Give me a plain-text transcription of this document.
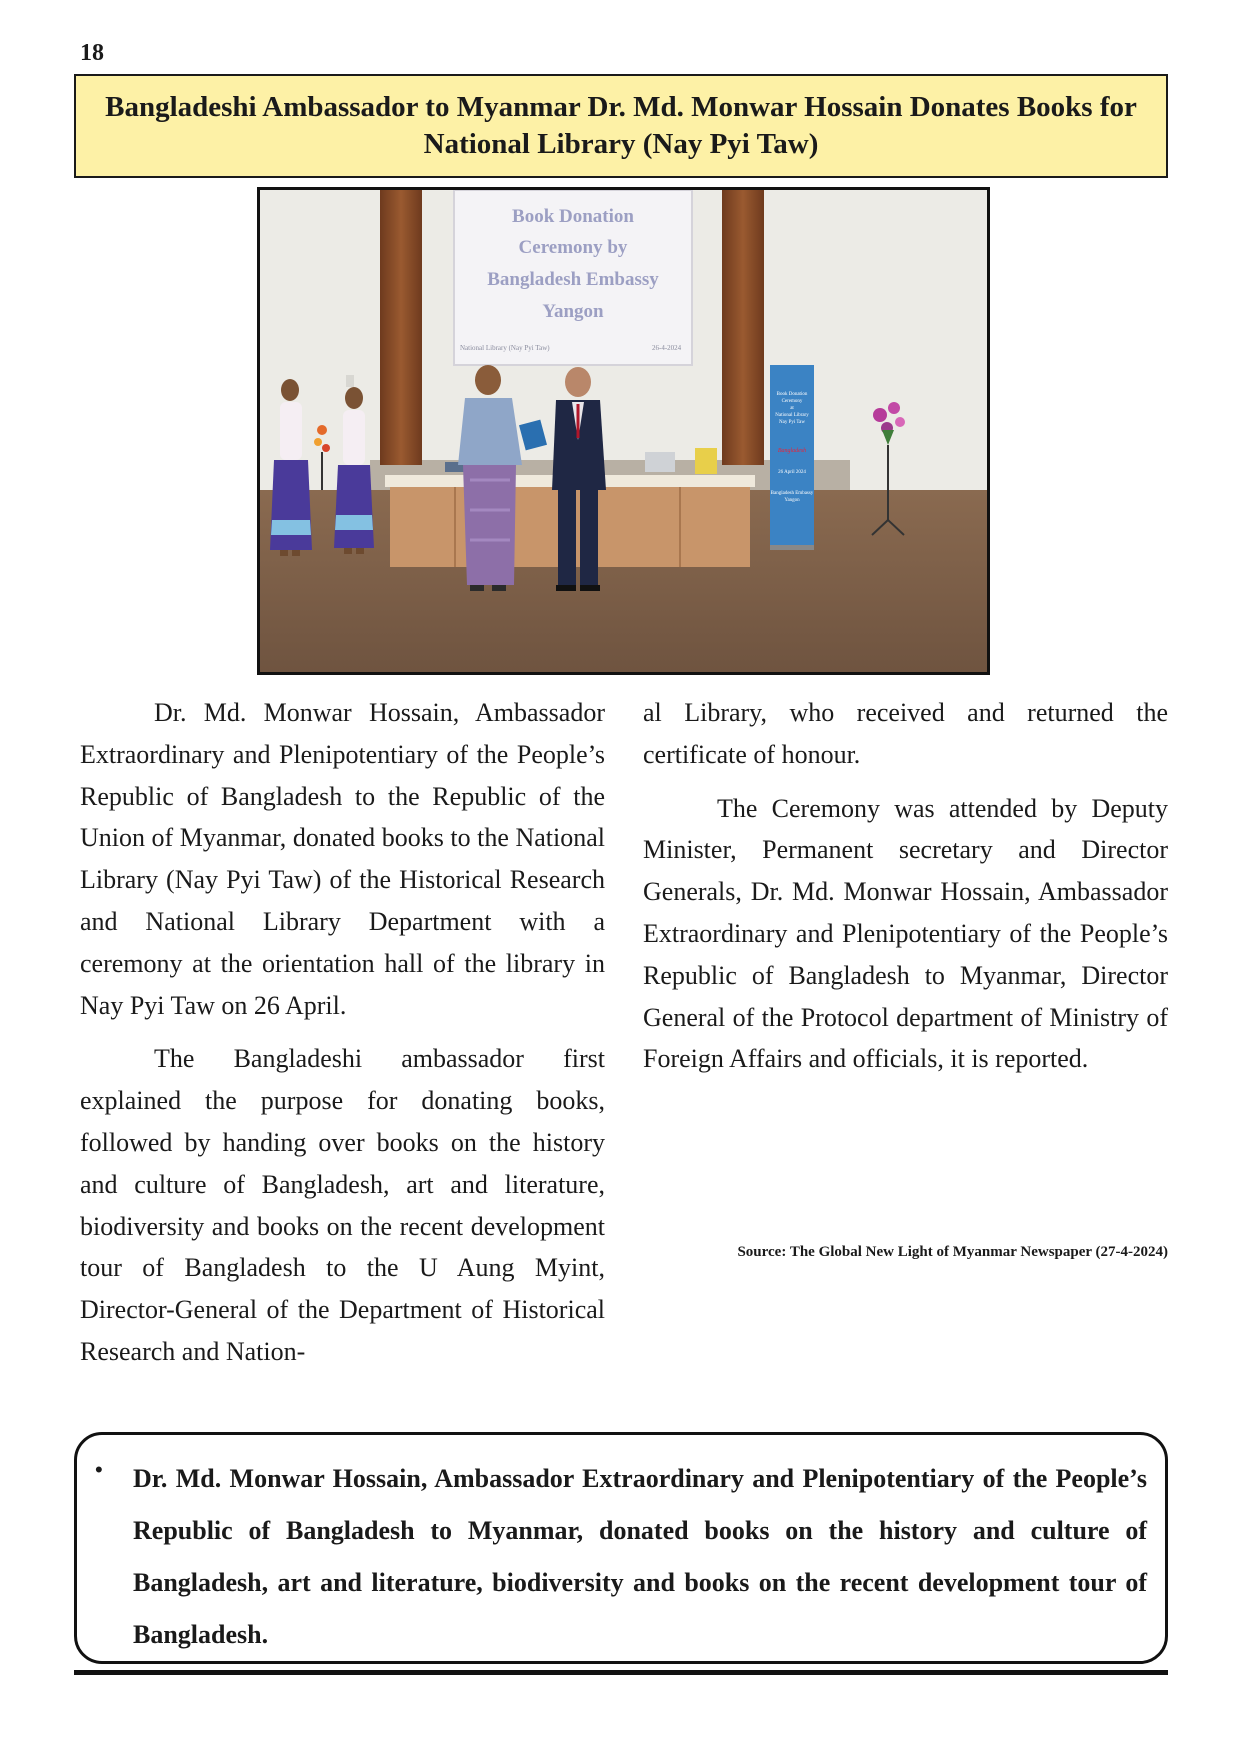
18
Bangladeshi Ambassador to Myanmar Dr. Md. Monwar Hossain Donates Books for National Library (Nay Pyi Taw)
Book Donation
Ceremony by
Bangladesh Embassy
Yangon
National Library (Nay Pyi Taw)	26-4-2024
Book Donation
Ceremony
at
National Library
Nay Pyi Taw
Bangladesh
26 April 2024
Bangladesh Embassy
Yangon

Dr. Md. Monwar Hossain, Ambassador Extraordinary and Plenipotentiary of the People’s Republic of Bangladesh to the Republic of the Union of Myanmar, donated books to the National Library (Nay Pyi Taw) of the Historical Research and National Library Department with a ceremony at the orientation hall of the library in Nay Pyi Taw on 26 April.

The Bangladeshi ambassador first explained the purpose for donating books, followed by handing over books on the history and culture of Bangladesh, art and literature, biodiversity and books on the recent development tour of Bangladesh to the U Aung Myint, Director-General of the Department of Historical Research and Nation-

al Library, who received and returned the certificate of honour.

The Ceremony was attended by Deputy Minister, Permanent secretary and Director Generals, Dr. Md. Monwar Hossain, Ambassador Extraordinary and Plenipotentiary of the People’s Republic of Bangladesh to Myanmar, Director General of the Protocol department of Ministry of Foreign Affairs and officials, it is reported.

Source: The Global New Light of Myanmar Newspaper (27-4-2024)
• Dr. Md. Monwar Hossain, Ambassador Extraordinary and Plenipotentiary of the People’s Republic of Bangladesh to Myanmar, donated books on the history and culture of Bangladesh, art and literature, biodiversity and books on the recent development tour of Bangladesh.
